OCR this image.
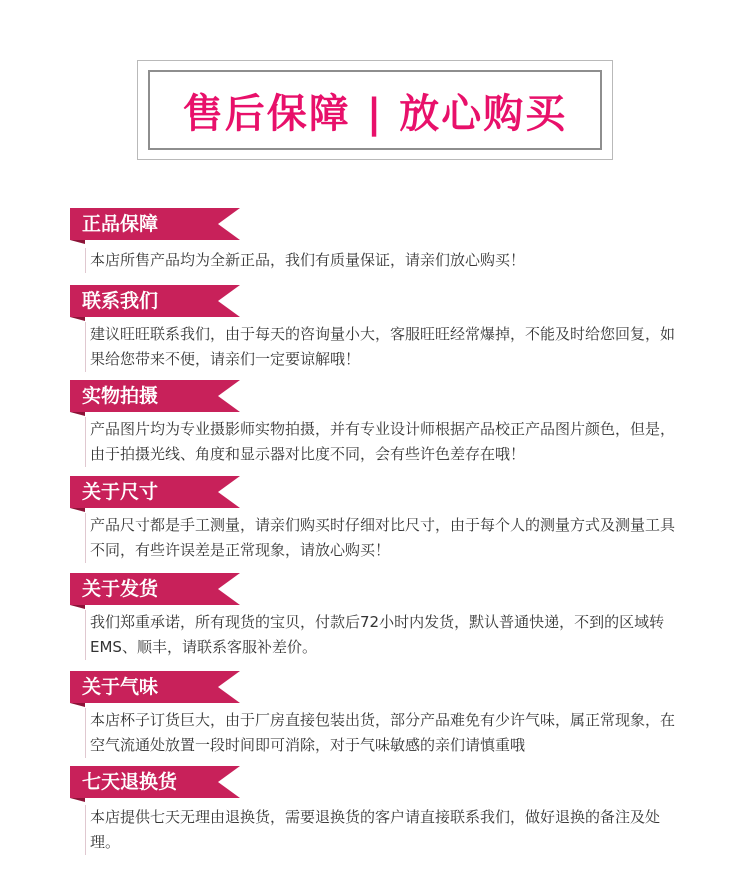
售后保障 | 放心购买
正品保障
本店所售产品均为全新正品，我们有质量保证，请亲们放心购买！
联系我们
建议旺旺联系我们，由于每天的咨询量小大，客服旺旺经常爆掉，不能及时给您回复，如果给您带来不便，请亲们一定要谅解哦！
实物拍摄
产品图片均为专业摄影师实物拍摄，并有专业设计师根据产品校正产品图片颜色，但是，由于拍摄光线、角度和显示器对比度不同，会有些许色差存在哦！
关于尺寸
产品尺寸都是手工测量，请亲们购买时仔细对比尺寸，由于每个人的测量方式及测量工具不同，有些许误差是正常现象，请放心购买！
关于发货
我们郑重承诺，所有现货的宝贝，付款后72小时内发货，默认普通快递，不到的区域转EMS、顺丰，请联系客服补差价。
关于气味
本店杯子订货巨大，由于厂房直接包装出货，部分产品难免有少许气味，属正常现象，在空气流通处放置一段时间即可消除，对于气味敏感的亲们请慎重哦
七天退换货
本店提供七天无理由退换货，需要退换货的客户请直接联系我们，做好退换的备注及处理。
